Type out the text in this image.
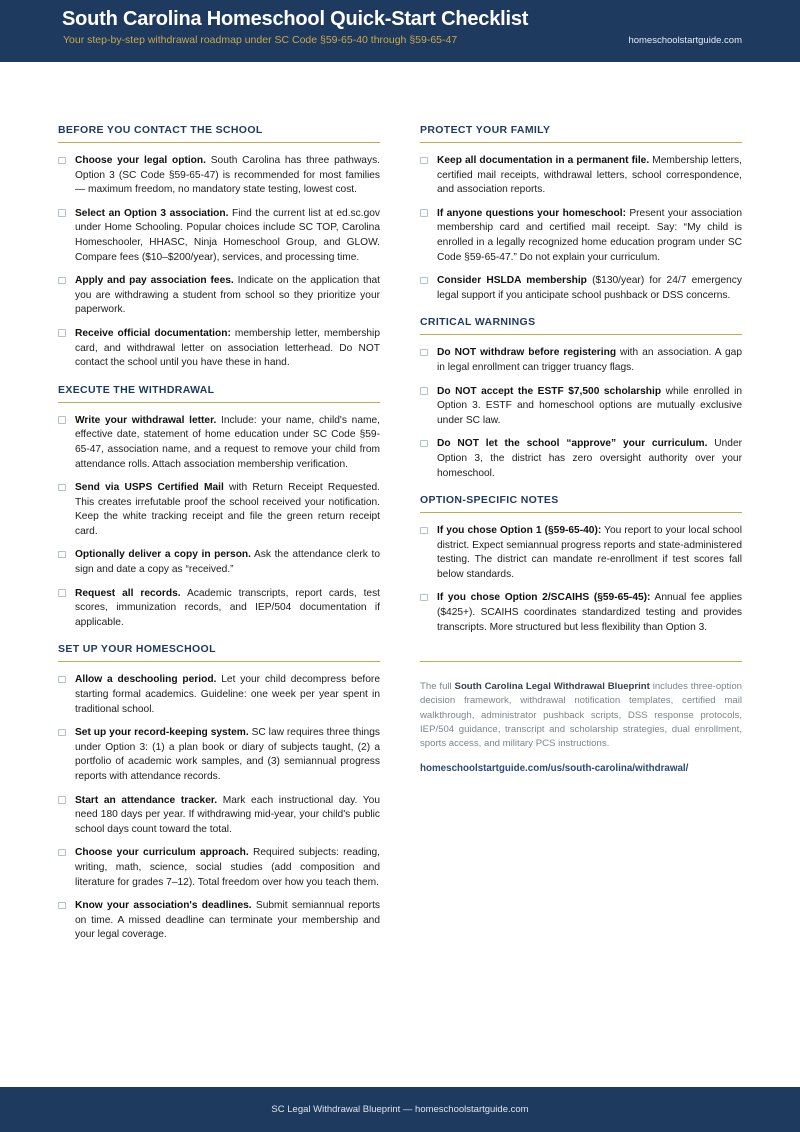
South Carolina Homeschool Quick-Start Checklist
Your step-by-step withdrawal roadmap under SC Code §59-65-40 through §59-65-47	homeschoolstartguide.com
BEFORE YOU CONTACT THE SCHOOL
Choose your legal option. South Carolina has three pathways. Option 3 (SC Code §59-65-47) is recommended for most families — maximum freedom, no mandatory state testing, lowest cost.
Select an Option 3 association. Find the current list at ed.sc.gov under Home Schooling. Popular choices include SC TOP, Carolina Homeschooler, HHASC, Ninja Homeschool Group, and GLOW. Compare fees ($10–$200/year), services, and processing time.
Apply and pay association fees. Indicate on the application that you are withdrawing a student from school so they prioritize your paperwork.
Receive official documentation: membership letter, membership card, and withdrawal letter on association letterhead. Do NOT contact the school until you have these in hand.
EXECUTE THE WITHDRAWAL
Write your withdrawal letter. Include: your name, child's name, effective date, statement of home education under SC Code §59-65-47, association name, and a request to remove your child from attendance rolls. Attach association membership verification.
Send via USPS Certified Mail with Return Receipt Requested. This creates irrefutable proof the school received your notification. Keep the white tracking receipt and file the green return receipt card.
Optionally deliver a copy in person. Ask the attendance clerk to sign and date a copy as “received.”
Request all records. Academic transcripts, report cards, test scores, immunization records, and IEP/504 documentation if applicable.
SET UP YOUR HOMESCHOOL
Allow a deschooling period. Let your child decompress before starting formal academics. Guideline: one week per year spent in traditional school.
Set up your record-keeping system. SC law requires three things under Option 3: (1) a plan book or diary of subjects taught, (2) a portfolio of academic work samples, and (3) semiannual progress reports with attendance records.
Start an attendance tracker. Mark each instructional day. You need 180 days per year. If withdrawing mid-year, your child's public school days count toward the total.
Choose your curriculum approach. Required subjects: reading, writing, math, science, social studies (add composition and literature for grades 7–12). Total freedom over how you teach them.
Know your association's deadlines. Submit semiannual reports on time. A missed deadline can terminate your membership and your legal coverage.
PROTECT YOUR FAMILY
Keep all documentation in a permanent file. Membership letters, certified mail receipts, withdrawal letters, school correspondence, and association reports.
If anyone questions your homeschool: Present your association membership card and certified mail receipt. Say: “My child is enrolled in a legally recognized home education program under SC Code §59-65-47.” Do not explain your curriculum.
Consider HSLDA membership ($130/year) for 24/7 emergency legal support if you anticipate school pushback or DSS concerns.
CRITICAL WARNINGS
Do NOT withdraw before registering with an association. A gap in legal enrollment can trigger truancy flags.
Do NOT accept the ESTF $7,500 scholarship while enrolled in Option 3. ESTF and homeschool options are mutually exclusive under SC law.
Do NOT let the school “approve” your curriculum. Under Option 3, the district has zero oversight authority over your homeschool.
OPTION-SPECIFIC NOTES
If you chose Option 1 (§59-65-40): You report to your local school district. Expect semiannual progress reports and state-administered testing. The district can mandate re-enrollment if test scores fall below standards.
If you chose Option 2/SCAIHS (§59-65-45): Annual fee applies ($425+). SCAIHS coordinates standardized testing and provides transcripts. More structured but less flexibility than Option 3.

The full South Carolina Legal Withdrawal Blueprint includes three-option decision framework, withdrawal notification templates, certified mail walkthrough, administrator pushback scripts, DSS response protocols, IEP/504 guidance, transcript and scholarship strategies, dual enrollment, sports access, and military PCS instructions.

homeschoolstartguide.com/us/south-carolina/withdrawal/
SC Legal Withdrawal Blueprint — homeschoolstartguide.com
